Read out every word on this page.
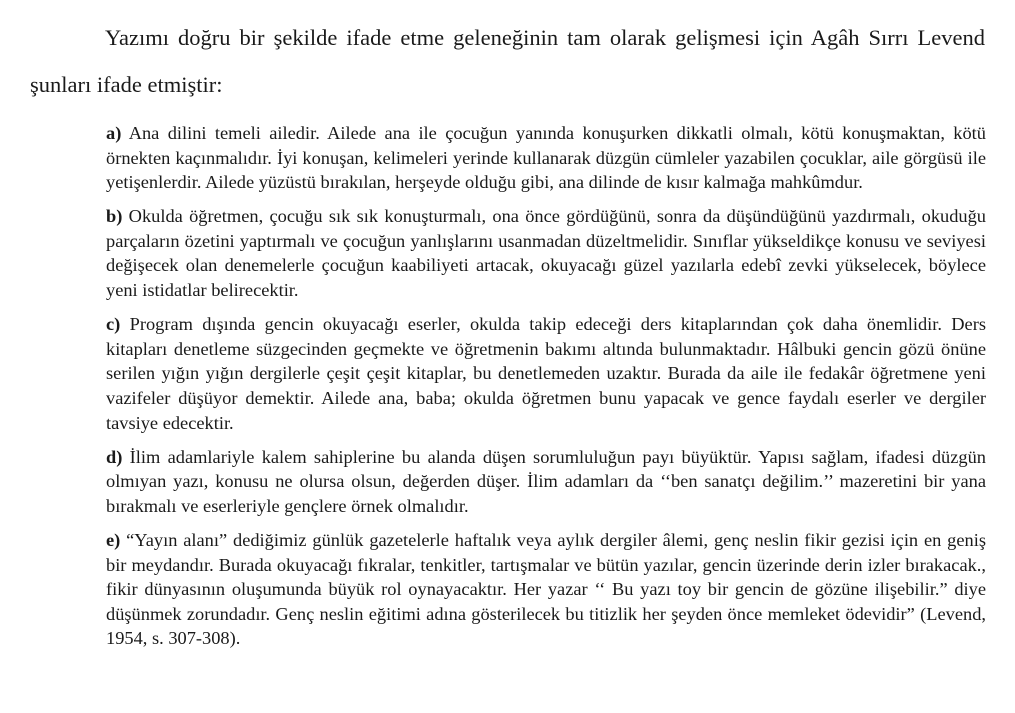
Yazımı doğru bir şekilde ifade etme geleneğinin tam olarak gelişmesi için Agâh Sırrı Levend şunları ifade etmiştir:

a) Ana dilini temeli ailedir. Ailede ana ile çocuğun yanında konuşurken dikkatli olmalı, kötü konuşmaktan, kötü örnekten kaçınmalıdır. İyi konuşan, kelimeleri yerinde kullanarak düzgün cümleler yazabilen çocuklar, aile görgüsü ile yetişenlerdir. Ailede yüzüstü bırakılan, herşeyde olduğu gibi, ana dilinde de kısır kalmağa mahkûmdur.

b) Okulda öğretmen, çocuğu sık sık konuşturmalı, ona önce gördüğünü, sonra da düşündüğünü yazdırmalı, okuduğu parçaların özetini yaptırmalı ve çocuğun yanlışlarını usanmadan düzeltmelidir. Sınıflar yükseldikçe konusu ve seviyesi değişecek olan denemelerle çocuğun kaabiliyeti artacak, okuyacağı güzel yazılarla edebî zevki yükselecek, böylece yeni istidatlar belirecektir.

c) Program dışında gencin okuyacağı eserler, okulda takip edeceği ders kitaplarından çok daha önemlidir. Ders kitapları denetleme süzgecinden geçmekte ve öğretmenin bakımı altında bulunmaktadır. Hâlbuki gencin gözü önüne serilen yığın yığın dergilerle çeşit çeşit kitaplar, bu denetlemeden uzaktır. Burada da aile ile fedakâr öğretmene yeni vazifeler düşüyor demektir. Ailede ana, baba; okulda öğretmen bunu yapacak ve gence faydalı eserler ve dergiler tavsiye edecektir.

d) İlim adamlariyle kalem sahiplerine bu alanda düşen sorumluluğun payı büyüktür. Yapısı sağlam, ifadesi düzgün olmıyan yazı, konusu ne olursa olsun, değerden düşer. İlim adamları da ‘‘ben sanatçı değilim.’’ mazeretini bir yana bırakmalı ve eserleriyle gençlere örnek olmalıdır.

e) “Yayın alanı” dediğimiz günlük gazetelerle haftalık veya aylık dergiler âlemi, genç neslin fikir gezisi için en geniş bir meydandır. Burada okuyacağı fıkralar, tenkitler, tartışmalar ve bütün yazılar, gencin üzerinde derin izler bırakacak., fikir dünyasının oluşumunda büyük rol oynayacaktır. Her yazar ‘‘ Bu yazı toy bir gencin de gözüne ilişebilir.” diye düşünmek zorundadır. Genç neslin eğitimi adına gösterilecek bu titizlik her şeyden önce memleket ödevidir” (Levend, 1954, s. 307-308).
